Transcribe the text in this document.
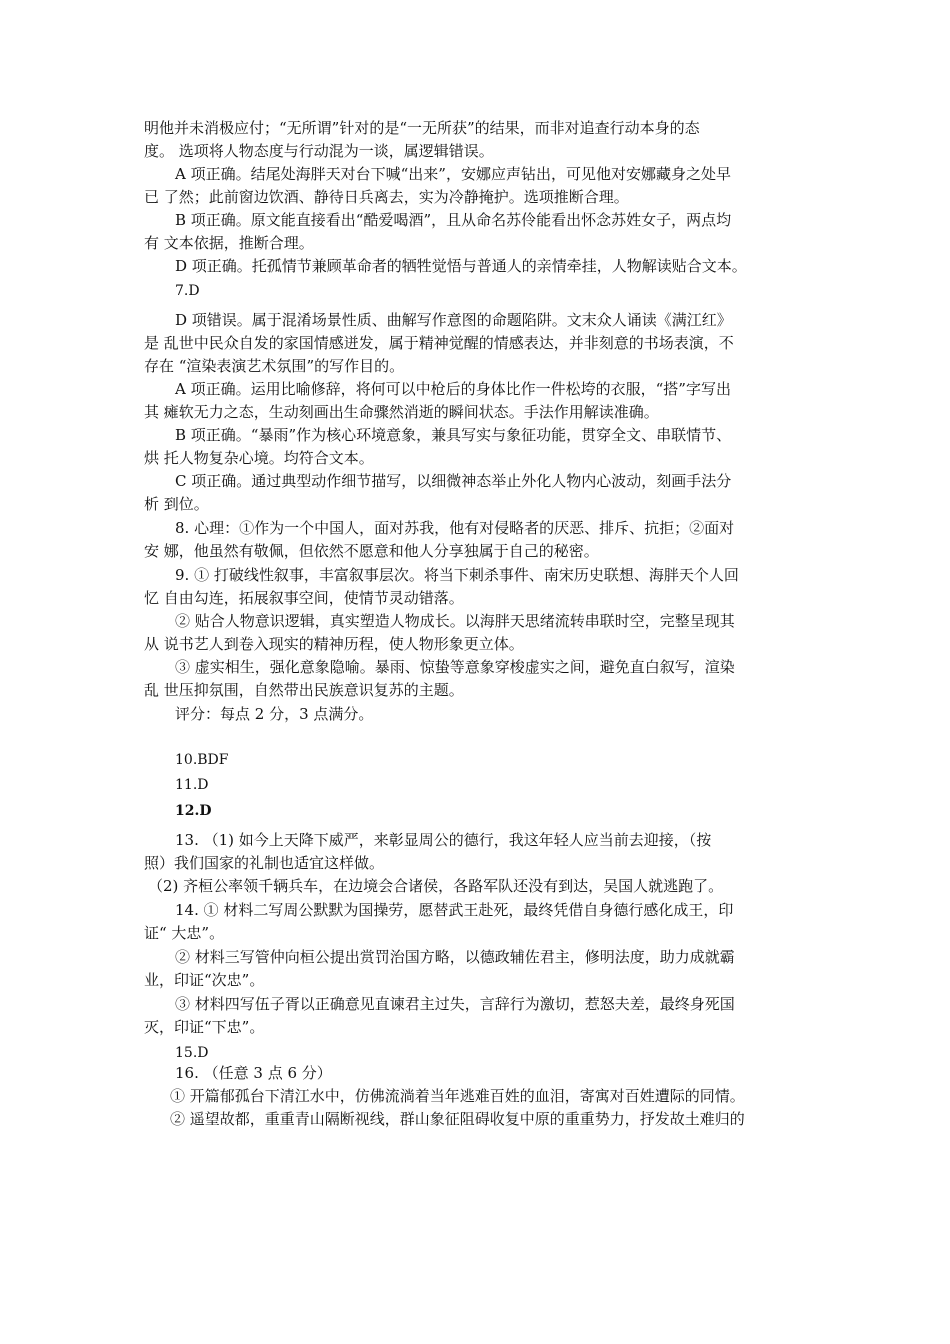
明他并未消极应付；“无所谓”针对的是“一无所获”的结果，而非对追查行动本身的态
度。 选项将人物态度与行动混为一谈，属逻辑错误。
A 项正确。结尾处海胖天对台下喊“出来”，安娜应声钻出，可见他对安娜藏身之处早
已 了然；此前窗边饮酒、静待日兵离去，实为冷静掩护。选项推断合理。
B 项正确。原文能直接看出“酷爱喝酒”，且从命名苏伶能看出怀念苏姓女子，两点均
有 文本依据，推断合理。
D 项正确。托孤情节兼顾革命者的牺牲觉悟与普通人的亲情牵挂，人物解读贴合文本。
7.D
D 项错误。属于混淆场景性质、曲解写作意图的命题陷阱。文末众人诵读《满江红》
是 乱世中民众自发的家国情感迸发，属于精神觉醒的情感表达，并非刻意的书场表演，不
存在 “渲染表演艺术氛围”的写作目的。
A 项正确。运用比喻修辞，将何可以中枪后的身体比作一件松垮的衣服，“搭”字写出
其 瘫软无力之态，生动刻画出生命骤然消逝的瞬间状态。手法作用解读准确。
B 项正确。“暴雨”作为核心环境意象，兼具写实与象征功能，贯穿全文、串联情节、
烘 托人物复杂心境。均符合文本。
C 项正确。通过典型动作细节描写，以细微神态举止外化人物内心波动，刻画手法分
析 到位。
8. 心理：①作为一个中国人，面对苏我，他有对侵略者的厌恶、排斥、抗拒；②面对
安 娜，他虽然有敬佩，但依然不愿意和他人分享独属于自己的秘密。
9. ① 打破线性叙事，丰富叙事层次。将当下刺杀事件、南宋历史联想、海胖天个人回
忆 自由勾连，拓展叙事空间，使情节灵动错落。
② 贴合人物意识逻辑，真实塑造人物成长。以海胖天思绪流转串联时空，完整呈现其
从 说书艺人到卷入现实的精神历程，使人物形象更立体。
③ 虚实相生，强化意象隐喻。暴雨、惊蛰等意象穿梭虚实之间，避免直白叙写，渲染
乱 世压抑氛围，自然带出民族意识复苏的主题。
评分：每点 2 分，3 点满分。
10.BDF
11.D
12.D
13. （1) 如今上天降下威严，来彰显周公的德行，我这年轻人应当前去迎接，（按
照）我们国家的礼制也适宜这样做。
（2) 齐桓公率领千辆兵车，在边境会合诸侯，各路军队还没有到达，吴国人就逃跑了。
14. ① 材料二写周公默默为国操劳，愿替武王赴死，最终凭借自身德行感化成王，印
证“ 大忠”。
② 材料三写管仲向桓公提出赏罚治国方略，以德政辅佐君主，修明法度，助力成就霸
业，印证“次忠”。
③ 材料四写伍子胥以正确意见直谏君主过失，言辞行为激切，惹怒夫差，最终身死国
灭，印证“下忠”。
15.D
16. （任意 3 点 6 分）
① 开篇郁孤台下清江水中，仿佛流淌着当年逃难百姓的血泪，寄寓对百姓遭际的同情。
② 遥望故都，重重青山隔断视线，群山象征阻碍收复中原的重重势力，抒发故土难归的
